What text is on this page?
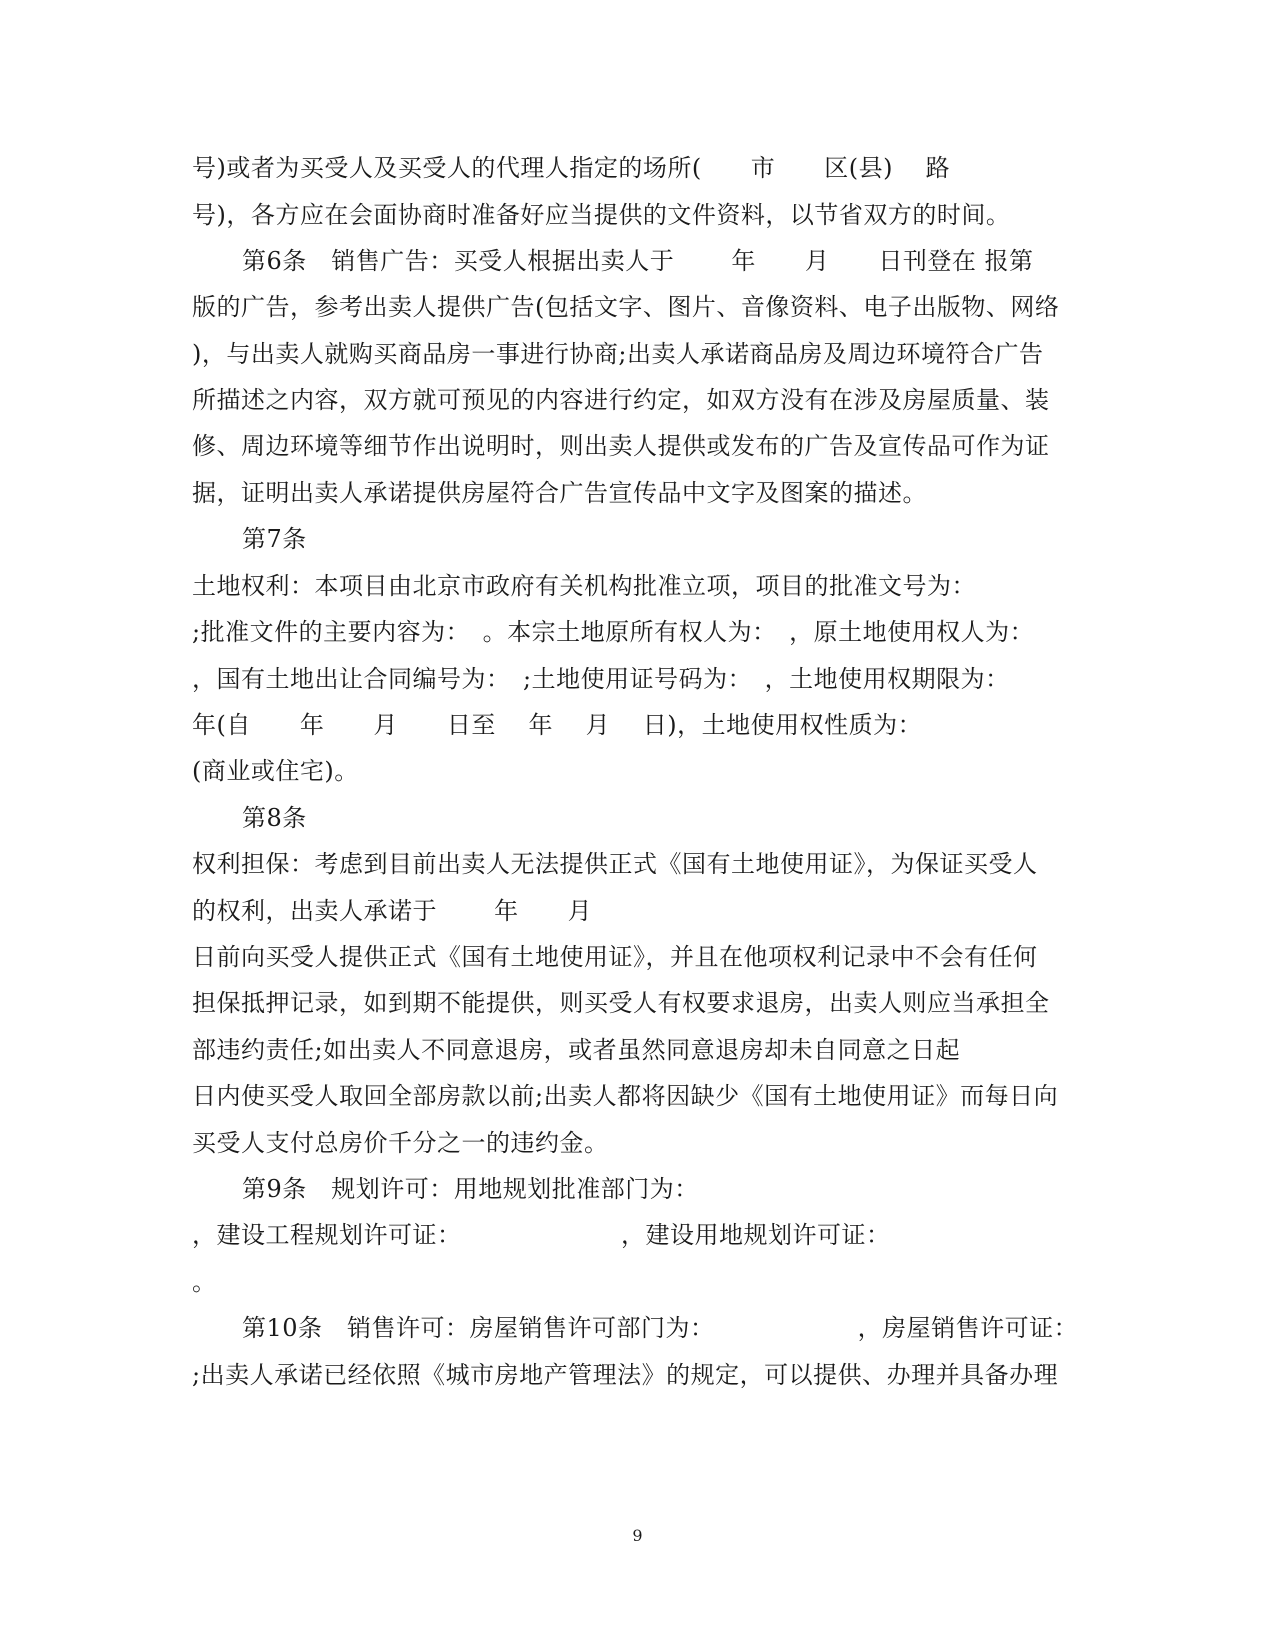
号)或者为买受人及买受人的代理人指定的场所(　　市　　区(县)　 路
号)，各方应在会面协商时准备好应当提供的文件资料，以节省双方的时间。
第6条　销售广告：买受人根据出卖人于　　 年　　月　　日刊登在 报第
版的广告，参考出卖人提供广告(包括文字、图片、音像资料、电子出版物、网络
)，与出卖人就购买商品房一事进行协商;出卖人承诺商品房及周边环境符合广告
所描述之内容，双方就可预见的内容进行约定，如双方没有在涉及房屋质量、装
修、周边环境等细节作出说明时，则出卖人提供或发布的广告及宣传品可作为证
据，证明出卖人承诺提供房屋符合广告宣传品中文字及图案的描述。
第7条
土地权利：本项目由北京市政府有关机构批准立项，项目的批准文号为：
;批准文件的主要内容为：　。本宗土地原所有权人为：　，原土地使用权人为：
，国有土地出让合同编号为：　;土地使用证号码为：　，土地使用权期限为：
年(自　　年　　月　　日至　 年　 月　 日)，土地使用权性质为：
(商业或住宅)。
第8条
权利担保：考虑到目前出卖人无法提供正式《国有土地使用证》，为保证买受人
的权利，出卖人承诺于　　 年　　月
日前向买受人提供正式《国有土地使用证》，并且在他项权利记录中不会有任何
担保抵押记录，如到期不能提供，则买受人有权要求退房，出卖人则应当承担全
部违约责任;如出卖人不同意退房，或者虽然同意退房却未自同意之日起
日内使买受人取回全部房款以前;出卖人都将因缺少《国有土地使用证》而每日向
买受人支付总房价千分之一的违约金。
第9条　规划许可：用地规划批准部门为：
，建设工程规划许可证：　　　　　　　，建设用地规划许可证：
。
第10条　销售许可：房屋销售许可部门为：　　　　　　 ，房屋销售许可证：
;出卖人承诺已经依照《城市房地产管理法》的规定，可以提供、办理并具备办理
9
